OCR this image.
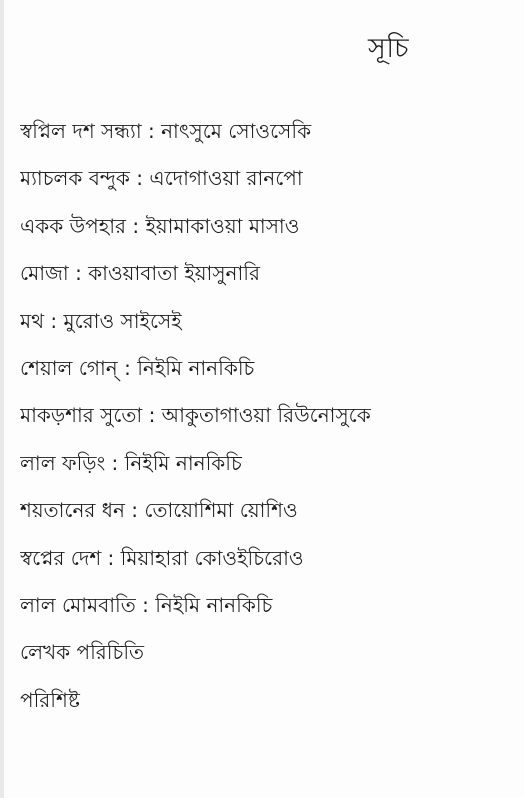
সূচি
স্বপ্নিল দশ সন্ধ্যা : নাৎসুমে সোওসেকি
ম্যাচলক বন্দুক : এদোগাওয়া রানপো
একক উপহার : ইয়ামাকাওয়া মাসাও
মোজা : কাওয়াবাতা ইয়াসুনারি
মথ : মুরোও সাইসেই
শেয়াল গোন্ : নিইমি নানকিচি
মাকড়শার সুতো : আকুতাগাওয়া রিউনোসুকে
লাল ফড়িং : নিইমি নানকিচি
শয়তানের ধন : তোয়োশিমা য়োশিও
স্বপ্নের দেশ : মিয়াহারা কোওইচিরোও
লাল মোমবাতি : নিইমি নানকিচি
লেখক পরিচিতি
পরিশিষ্ট
